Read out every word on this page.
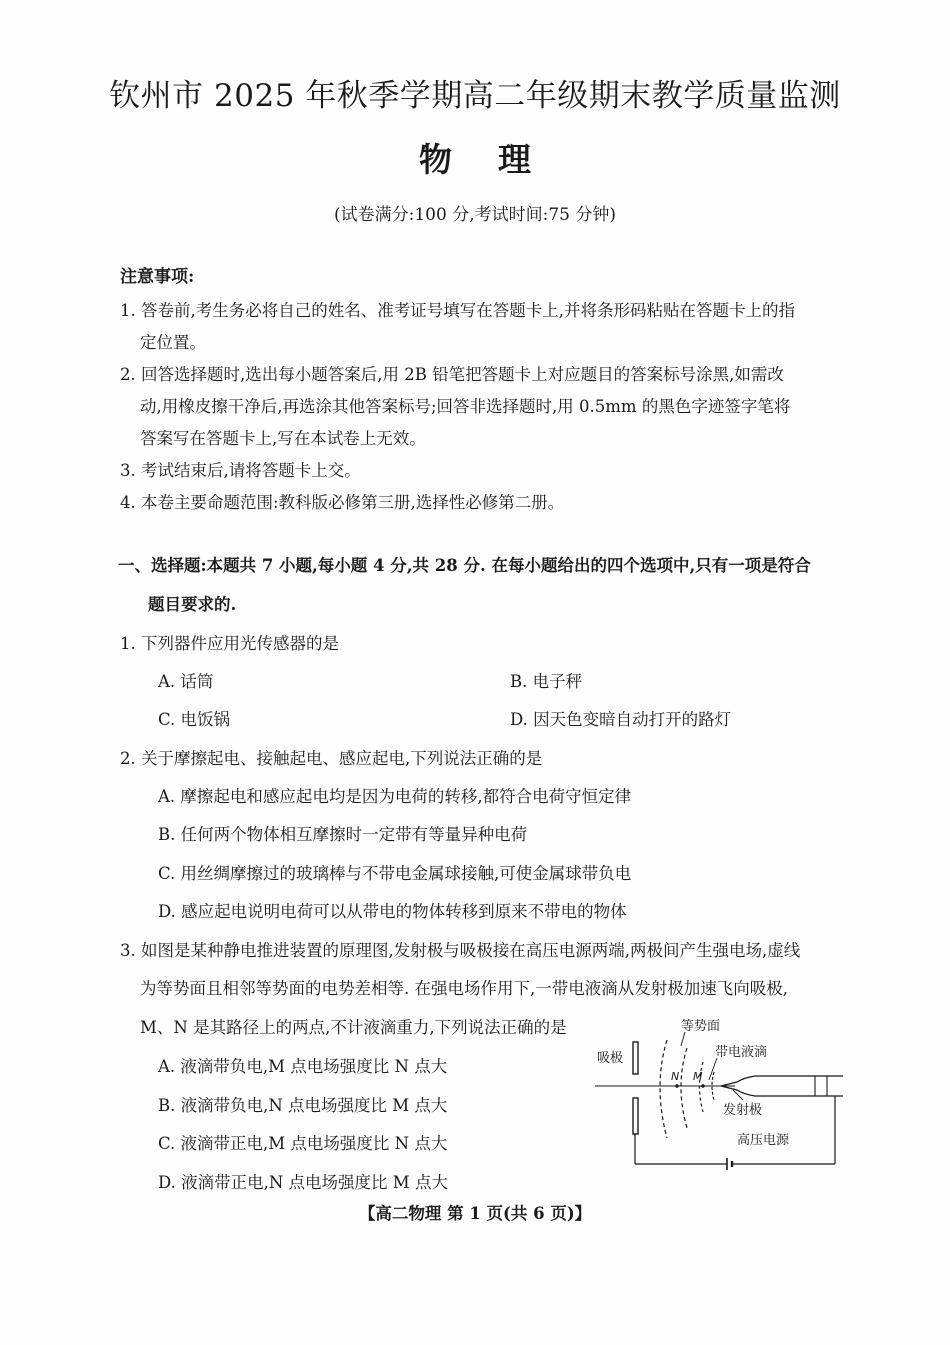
钦州市 2025 年秋季学期高二年级期末教学质量监测
物理
(试卷满分:100 分,考试时间:75 分钟)
注意事项:
1. 答卷前,考生务必将自己的姓名、准考证号填写在答题卡上,并将条形码粘贴在答题卡上的指
定位置。
2. 回答选择题时,选出每小题答案后,用 2B 铅笔把答题卡上对应题目的答案标号涂黑,如需改
动,用橡皮擦干净后,再选涂其他答案标号;回答非选择题时,用 0.5mm 的黑色字迹签字笔将
答案写在答题卡上,写在本试卷上无效。
3. 考试结束后,请将答题卡上交。
4. 本卷主要命题范围:教科版必修第三册,选择性必修第二册。
一、选择题:本题共 7 小题,每小题 4 分,共 28 分. 在每小题给出的四个选项中,只有一项是符合
题目要求的.
1. 下列器件应用光传感器的是
A. 话筒	B. 电子秤
C. 电饭锅	D. 因天色变暗自动打开的路灯
2. 关于摩擦起电、接触起电、感应起电,下列说法正确的是
A. 摩擦起电和感应起电均是因为电荷的转移,都符合电荷守恒定律
B. 任何两个物体相互摩擦时一定带有等量异种电荷
C. 用丝绸摩擦过的玻璃棒与不带电金属球接触,可使金属球带负电
D. 感应起电说明电荷可以从带电的物体转移到原来不带电的物体
3. 如图是某种静电推进装置的原理图,发射极与吸极接在高压电源两端,两极间产生强电场,虚线
为等势面且相邻等势面的电势差相等. 在强电场作用下,一带电液滴从发射极加速飞向吸极,
M、N 是其路径上的两点,不计液滴重力,下列说法正确的是
A. 液滴带负电,M 点电场强度比 N 点大
B. 液滴带负电,N 点电场强度比 M 点大
C. 液滴带正电,M 点电场强度比 N 点大
D. 液滴带正电,N 点电场强度比 M 点大
吸极
等势面
带电液滴
发射极
高压电源
N M
【高二物理 第 1 页(共 6 页)】
